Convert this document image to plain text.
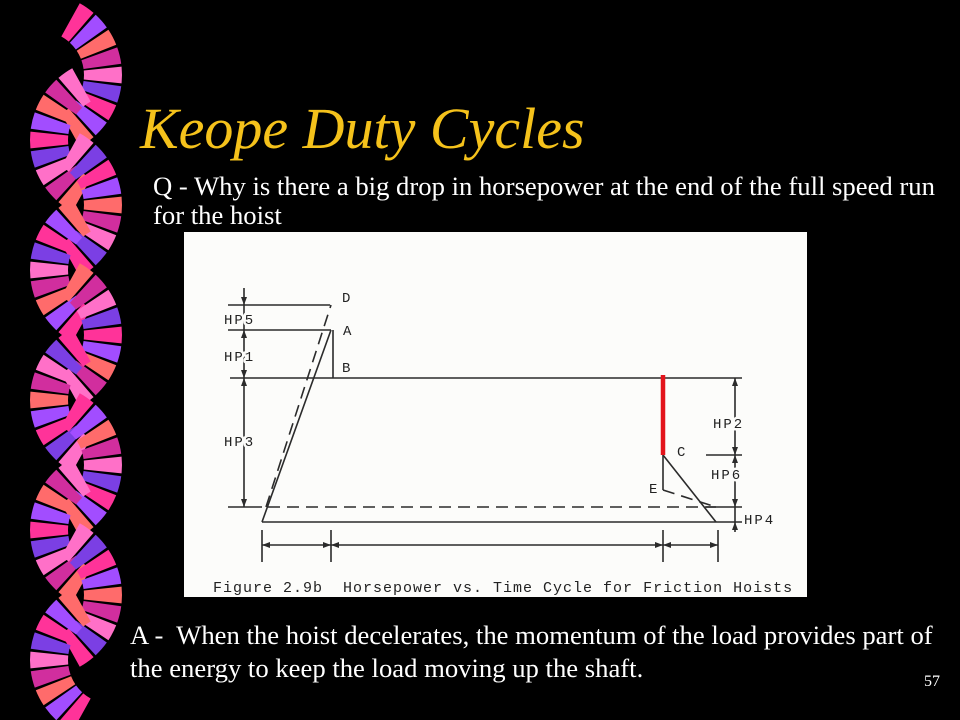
Keope Duty Cycles

Q - Why is there a big drop in horsepower at the end of the full speed run for the hoist

D
A
B
C
E
HP5
HP1
HP3
HP2
HP6
HP4
Figure 2.9b  Horsepower vs. Time Cycle for Friction Hoists

A -  When the hoist decelerates, the momentum of the load provides part of the energy to keep the load moving up the shaft.	57
